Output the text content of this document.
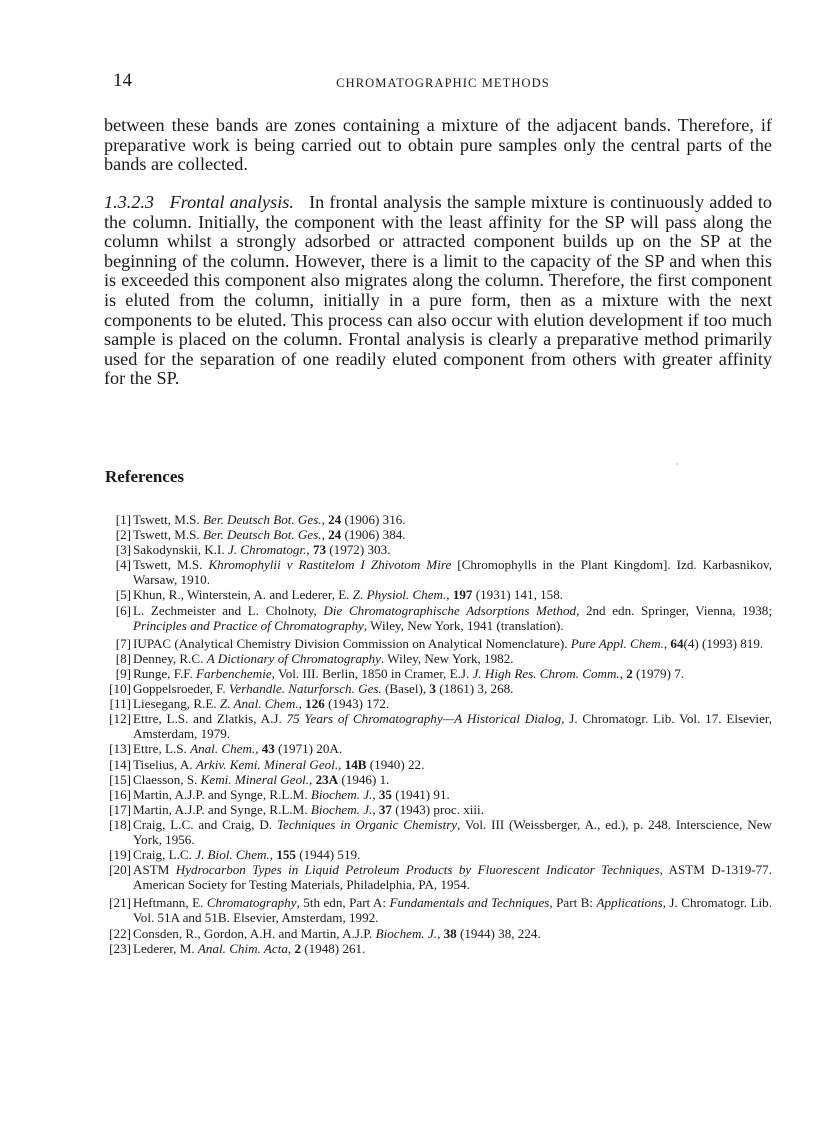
14	CHROMATOGRAPHIC METHODS

between these bands are zones containing a mixture of the adjacent bands. Therefore, if preparative work is being carried out to obtain pure samples only the central parts of the bands are collected.

1.3.2.3 Frontal analysis. In frontal analysis the sample mixture is continuously added to the column. Initially, the component with the least affinity for the SP will pass along the column whilst a strongly adsorbed or attracted component builds up on the SP at the beginning of the column. However, there is a limit to the capacity of the SP and when this is exceeded this component also migrates along the column. Therefore, the first component is eluted from the column, initially in a pure form, then as a mixture with the next components to be eluted. This process can also occur with elution development if too much sample is placed on the column. Frontal analysis is clearly a preparative method primarily used for the separation of one readily eluted component from others with greater affinity for the SP.

References
[1] Tswett, M.S. Ber. Deutsch Bot. Ges., 24 (1906) 316.
[2] Tswett, M.S. Ber. Deutsch Bot. Ges., 24 (1906) 384.
[3] Sakodynskii, K.I. J. Chromatogr., 73 (1972) 303.
[4] Tswett, M.S. Khromophylii v Rastitelom I Zhivotom Mire [Chromophylls in the Plant Kingdom]. Izd. Karbasnikov, Warsaw, 1910.
[5] Khun, R., Winterstein, A. and Lederer, E. Z. Physiol. Chem., 197 (1931) 141, 158.
[6] L. Zechmeister and L. Cholnoty, Die Chromatographische Adsorptions Method, 2nd edn. Springer, Vienna, 1938; Principles and Practice of Chromatography, Wiley, New York, 1941 (translation).
[7] IUPAC (Analytical Chemistry Division Commission on Analytical Nomenclature). Pure Appl. Chem., 64(4) (1993) 819.
[8] Denney, R.C. A Dictionary of Chromatography. Wiley, New York, 1982.
[9] Runge, F.F. Farbenchemie, Vol. III. Berlin, 1850 in Cramer, E.J. J. High Res. Chrom. Comm., 2 (1979) 7.
[10] Goppelsroeder, F. Verhandle. Naturforsch. Ges. (Basel), 3 (1861) 3, 268.
[11] Liesegang, R.E. Z. Anal. Chem., 126 (1943) 172.
[12] Ettre, L.S. and Zlatkis, A.J. 75 Years of Chromatography—A Historical Dialog, J. Chromatogr. Lib. Vol. 17. Elsevier, Amsterdam, 1979.
[13] Ettre, L.S. Anal. Chem., 43 (1971) 20A.
[14] Tiselius, A. Arkiv. Kemi. Mineral Geol., 14B (1940) 22.
[15] Claesson, S. Kemi. Mineral Geol., 23A (1946) 1.
[16] Martin, A.J.P. and Synge, R.L.M. Biochem. J., 35 (1941) 91.
[17] Martin, A.J.P. and Synge, R.L.M. Biochem. J., 37 (1943) proc. xiii.
[18] Craig, L.C. and Craig, D. Techniques in Organic Chemistry, Vol. III (Weissberger, A., ed.), p. 248. Interscience, New York, 1956.
[19] Craig, L.C. J. Biol. Chem., 155 (1944) 519.
[20] ASTM Hydrocarbon Types in Liquid Petroleum Products by Fluorescent Indicator Techniques, ASTM D-1319-77. American Society for Testing Materials, Philadelphia, PA, 1954.
[21] Heftmann, E. Chromatography, 5th edn, Part A: Fundamentals and Techniques, Part B: Applications, J. Chromatogr. Lib. Vol. 51A and 51B. Elsevier, Amsterdam, 1992.
[22] Consden, R., Gordon, A.H. and Martin, A.J.P. Biochem. J., 38 (1944) 38, 224.
[23] Lederer, M. Anal. Chim. Acta, 2 (1948) 261.
